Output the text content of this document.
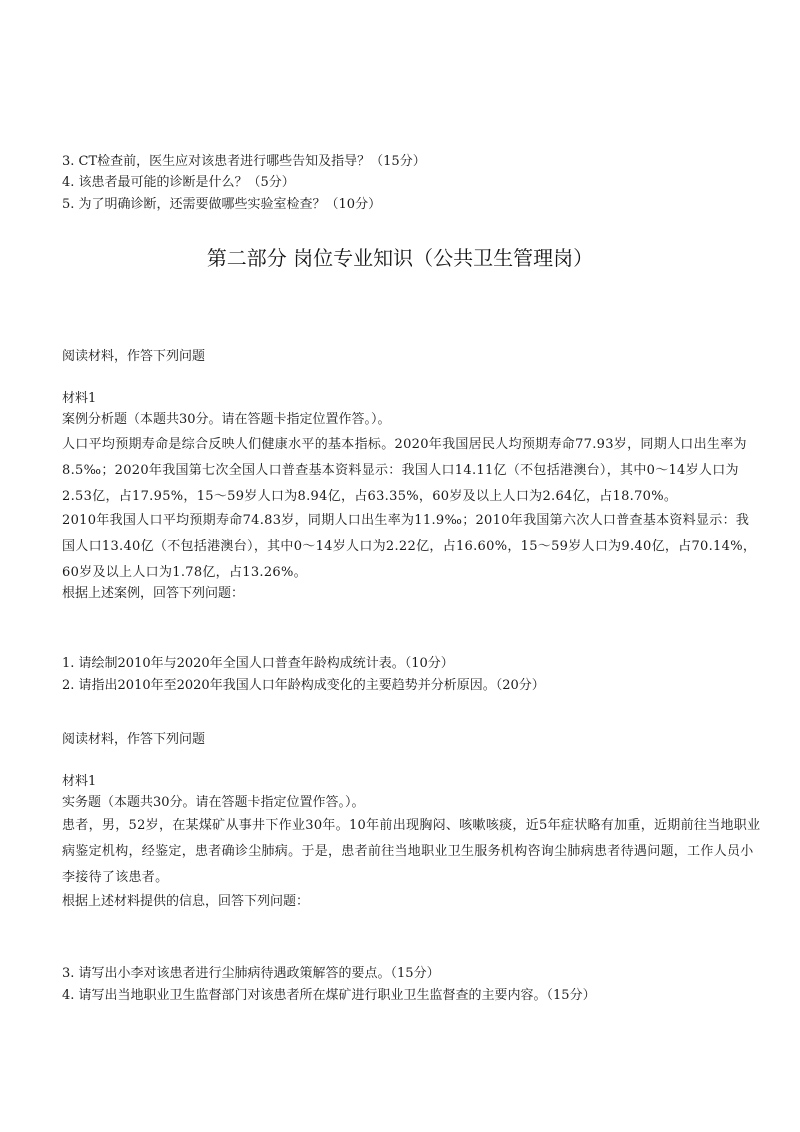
3. CT检查前，医生应对该患者进行哪些告知及指导？（15分）
4. 该患者最可能的诊断是什么？（5分）
5. 为了明确诊断，还需要做哪些实验室检查？（10分）
第二部分 岗位专业知识（公共卫生管理岗）
阅读材料，作答下列问题
材料1
案例分析题（本题共30分。请在答题卡指定位置作答。）。

人口平均预期寿命是综合反映人们健康水平的基本指标。2020年我国居民人均预期寿命77.93岁，同期人口出生率为8.5‰；2020年我国第七次全国人口普查基本资料显示：我国人口14.11亿（不包括港澳台），其中0～14岁人口为2.53亿，占17.95%，15～59岁人口为8.94亿，占63.35%，60岁及以上人口为2.64亿，占18.70%。

2010年我国人口平均预期寿命74.83岁，同期人口出生率为11.9‰；2010年我国第六次人口普查基本资料显示：我国人口13.40亿（不包括港澳台），其中0～14岁人口为2.22亿，占16.60%，15～59岁人口为9.40亿，占70.14%，60岁及以上人口为1.78亿，占13.26%。

根据上述案例，回答下列问题：
1. 请绘制2010年与2020年全国人口普查年龄构成统计表。（10分）
2. 请指出2010年至2020年我国人口年龄构成变化的主要趋势并分析原因。（20分）
阅读材料，作答下列问题
材料1
实务题（本题共30分。请在答题卡指定位置作答。）。

患者，男，52岁，在某煤矿从事井下作业30年。10年前出现胸闷、咳嗽咳痰，近5年症状略有加重，近期前往当地职业病鉴定机构，经鉴定，患者确诊尘肺病。于是，患者前往当地职业卫生服务机构咨询尘肺病患者待遇问题，工作人员小李接待了该患者。

根据上述材料提供的信息，回答下列问题：
3. 请写出小李对该患者进行尘肺病待遇政策解答的要点。（15分）
4. 请写出当地职业卫生监督部门对该患者所在煤矿进行职业卫生监督查的主要内容。（15分）
